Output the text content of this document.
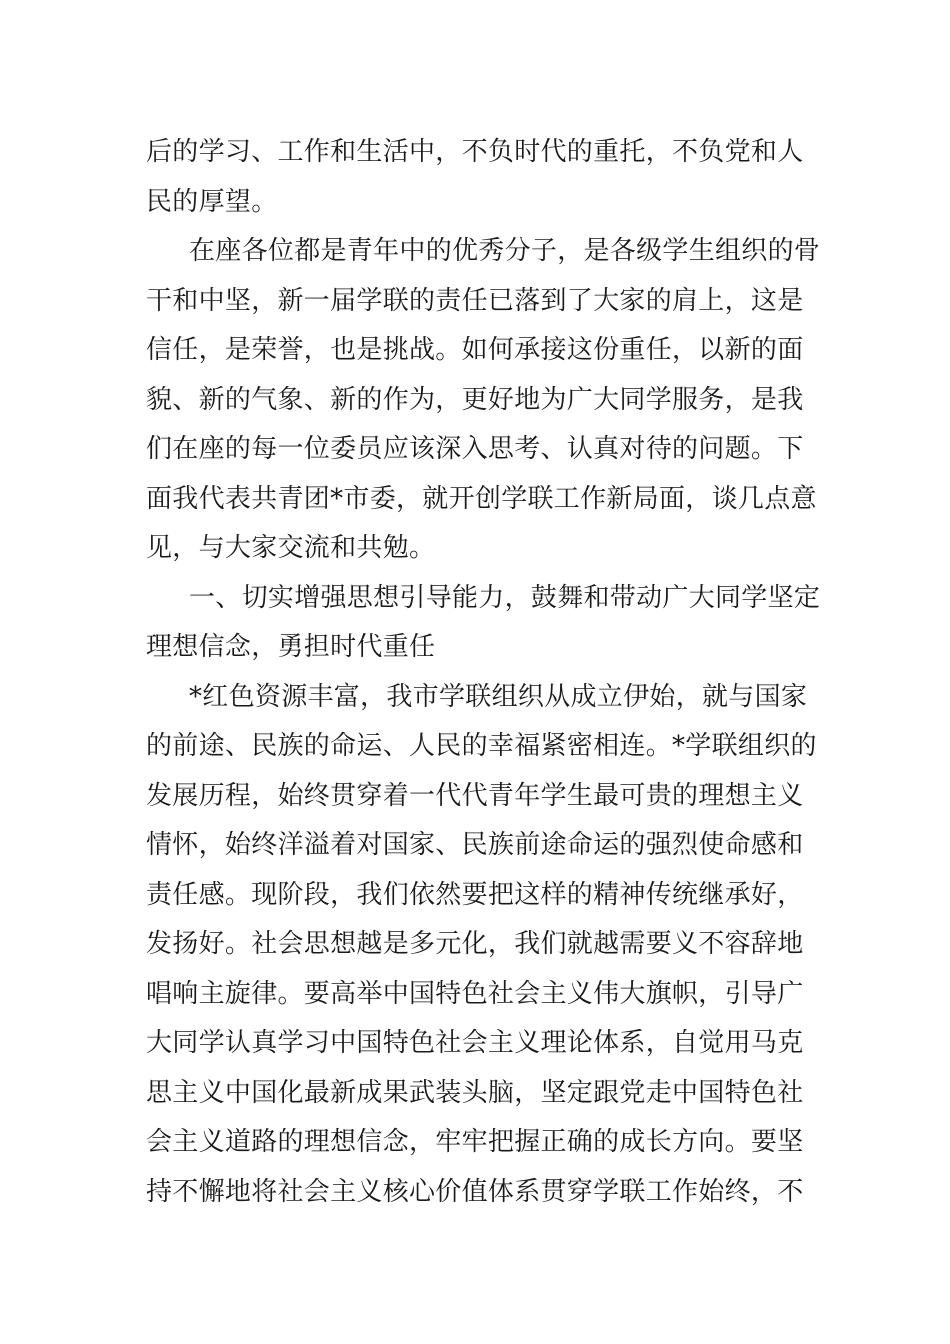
后的学习、工作和生活中，不负时代的重托，不负党和人
民的厚望。
在座各位都是青年中的优秀分子，是各级学生组织的骨
干和中坚，新一届学联的责任已落到了大家的肩上，这是
信任，是荣誉，也是挑战。如何承接这份重任，以新的面
貌、新的气象、新的作为，更好地为广大同学服务，是我
们在座的每一位委员应该深入思考、认真对待的问题。下
面我代表共青团*市委，就开创学联工作新局面，谈几点意
见，与大家交流和共勉。
一、切实增强思想引导能力，鼓舞和带动广大同学坚定
理想信念，勇担时代重任
*红色资源丰富，我市学联组织从成立伊始，就与国家
的前途、民族的命运、人民的幸福紧密相连。*学联组织的
发展历程，始终贯穿着一代代青年学生最可贵的理想主义
情怀，始终洋溢着对国家、民族前途命运的强烈使命感和
责任感。现阶段，我们依然要把这样的精神传统继承好，
发扬好。社会思想越是多元化，我们就越需要义不容辞地
唱响主旋律。要高举中国特色社会主义伟大旗帜，引导广
大同学认真学习中国特色社会主义理论体系，自觉用马克
思主义中国化最新成果武装头脑，坚定跟党走中国特色社
会主义道路的理想信念，牢牢把握正确的成长方向。要坚
持不懈地将社会主义核心价值体系贯穿学联工作始终，不
